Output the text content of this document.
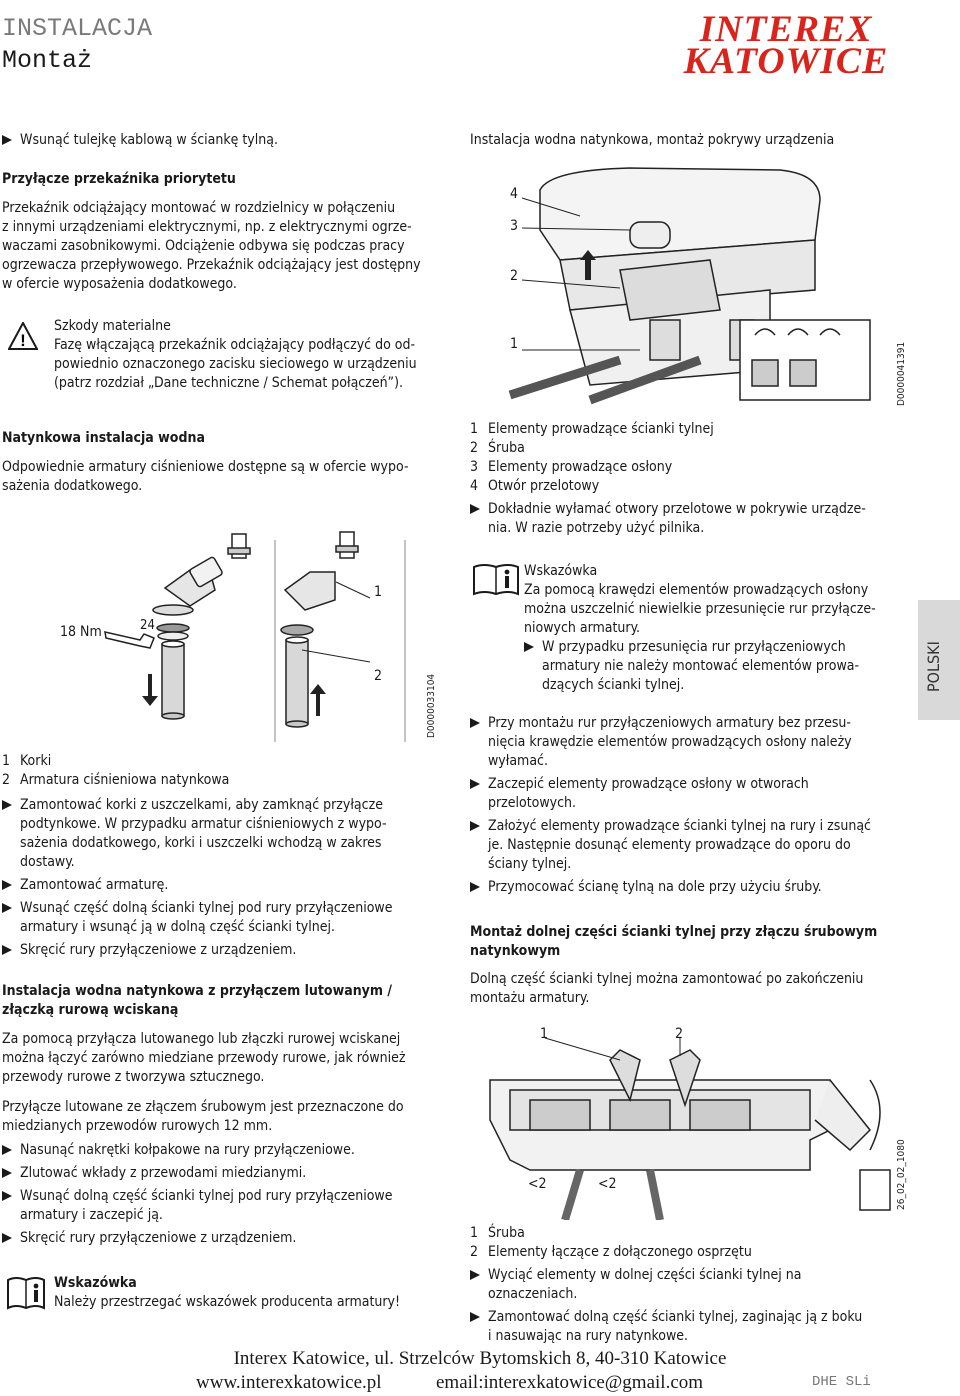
INSTALACJA
Montaż
INTEREX
KATOWICE
Wsunąć tulejkę kablową w ściankę tylną.
Przyłącze przekaźnika priorytetu
Przekaźnik odciążający montować w rozdzielnicy w połączeniu
z innymi urządzeniami elektrycznymi, np. z elektrycznymi ogrze-
waczami zasobnikowymi. Odciążenie odbywa się podczas pracy
ogrzewacza przepływowego. Przekaźnik odciążający jest dostępny
w ofercie wyposażenia dodatkowego.
!
Szkody materialne
Fazę włączającą przekaźnik odciążający podłączyć do od-
powiednio oznaczonego zacisku sieciowego w urządzeniu
(patrz rozdział „Dane techniczne / Schemat połączeń”).
Natynkowa instalacja wodna
Odpowiednie armatury ciśnieniowe dostępne są w ofercie wypo-
sażenia dodatkowego.
18 Nm	24
1
2	D0000033104
1 Korki
2 Armatura ciśnieniowa natynkowa
Zamontować korki z uszczelkami, aby zamknąć przyłącze
podtynkowe. W przypadku armatur ciśnieniowych z wypo-
sażenia dodatkowego, korki i uszczelki wchodzą w zakres
dostawy.
Zamontować armaturę.
Wsunąć część dolną ścianki tylnej pod rury przyłączeniowe
armatury i wsunąć ją w dolną część ścianki tylnej.
Skręcić rury przyłączeniowe z urządzeniem.
Instalacja wodna natynkowa z przyłączem lutowanym /
złączką rurową wciskaną
Za pomocą przyłącza lutowanego lub złączki rurowej wciskanej
można łączyć zarówno miedziane przewody rurowe, jak również
przewody rurowe z tworzywa sztucznego.
Przyłącze lutowane ze złączem śrubowym jest przeznaczone do
miedzianych przewodów rurowych 12 mm.
Nasunąć nakrętki kołpakowe na rury przyłączeniowe.
Zlutować wkłady z przewodami miedzianymi.
Wsunąć dolną część ścianki tylnej pod rury przyłączeniowe
armatury i zaczepić ją.
Skręcić rury przyłączeniowe z urządzeniem.
Wskazówka
Należy przestrzegać wskazówek producenta armatury!
Instalacja wodna natynkowa, montaż pokrywy urządzenia
4
3
2
1	D0000041391
1 Elementy prowadzące ścianki tylnej
2 Śruba
3 Elementy prowadzące osłony
4 Otwór przelotowy
Dokładnie wyłamać otwory przelotowe w pokrywie urządze-
nia. W razie potrzeby użyć pilnika.
Wskazówka
Za pomocą krawędzi elementów prowadzących osłony
można uszczelnić niewielkie przesunięcie rur przyłącze-
niowych armatury.
W przypadku przesunięcia rur przyłączeniowych
armatury nie należy montować elementów prowa-
dzących ścianki tylnej.	POLSKI
Przy montażu rur przyłączeniowych armatury bez przesu-
nięcia krawędzie elementów prowadzących osłony należy
wyłamać.
Zaczepić elementy prowadzące osłony w otworach
przelotowych.
Założyć elementy prowadzące ścianki tylnej na rury i zsunąć
je. Następnie dosunąć elementy prowadzące do oporu do
ściany tylnej.
Przymocować ścianę tylną na dole przy użyciu śruby.
Montaż dolnej części ścianki tylnej przy złączu śrubowym
natynkowym
Dolną część ścianki tylnej można zamontować po zakończeniu
montażu armatury.
1	2
<2	<2	26_02_02_1080
1 Śruba
2 Elementy łączące z dołączonego osprzętu
Wyciąć elementy w dolnej części ścianki tylnej na
oznaczeniach.
Zamontować dolną część ścianki tylnej, zaginając ją z boku
i nasuwając na rury natynkowe.
Interex Katowice, ul. Strzelców Bytomskich 8, 40-310 Katowice
www.interexkatowice.pl	email:interexkatowice@gmail.com	DHE SLi
